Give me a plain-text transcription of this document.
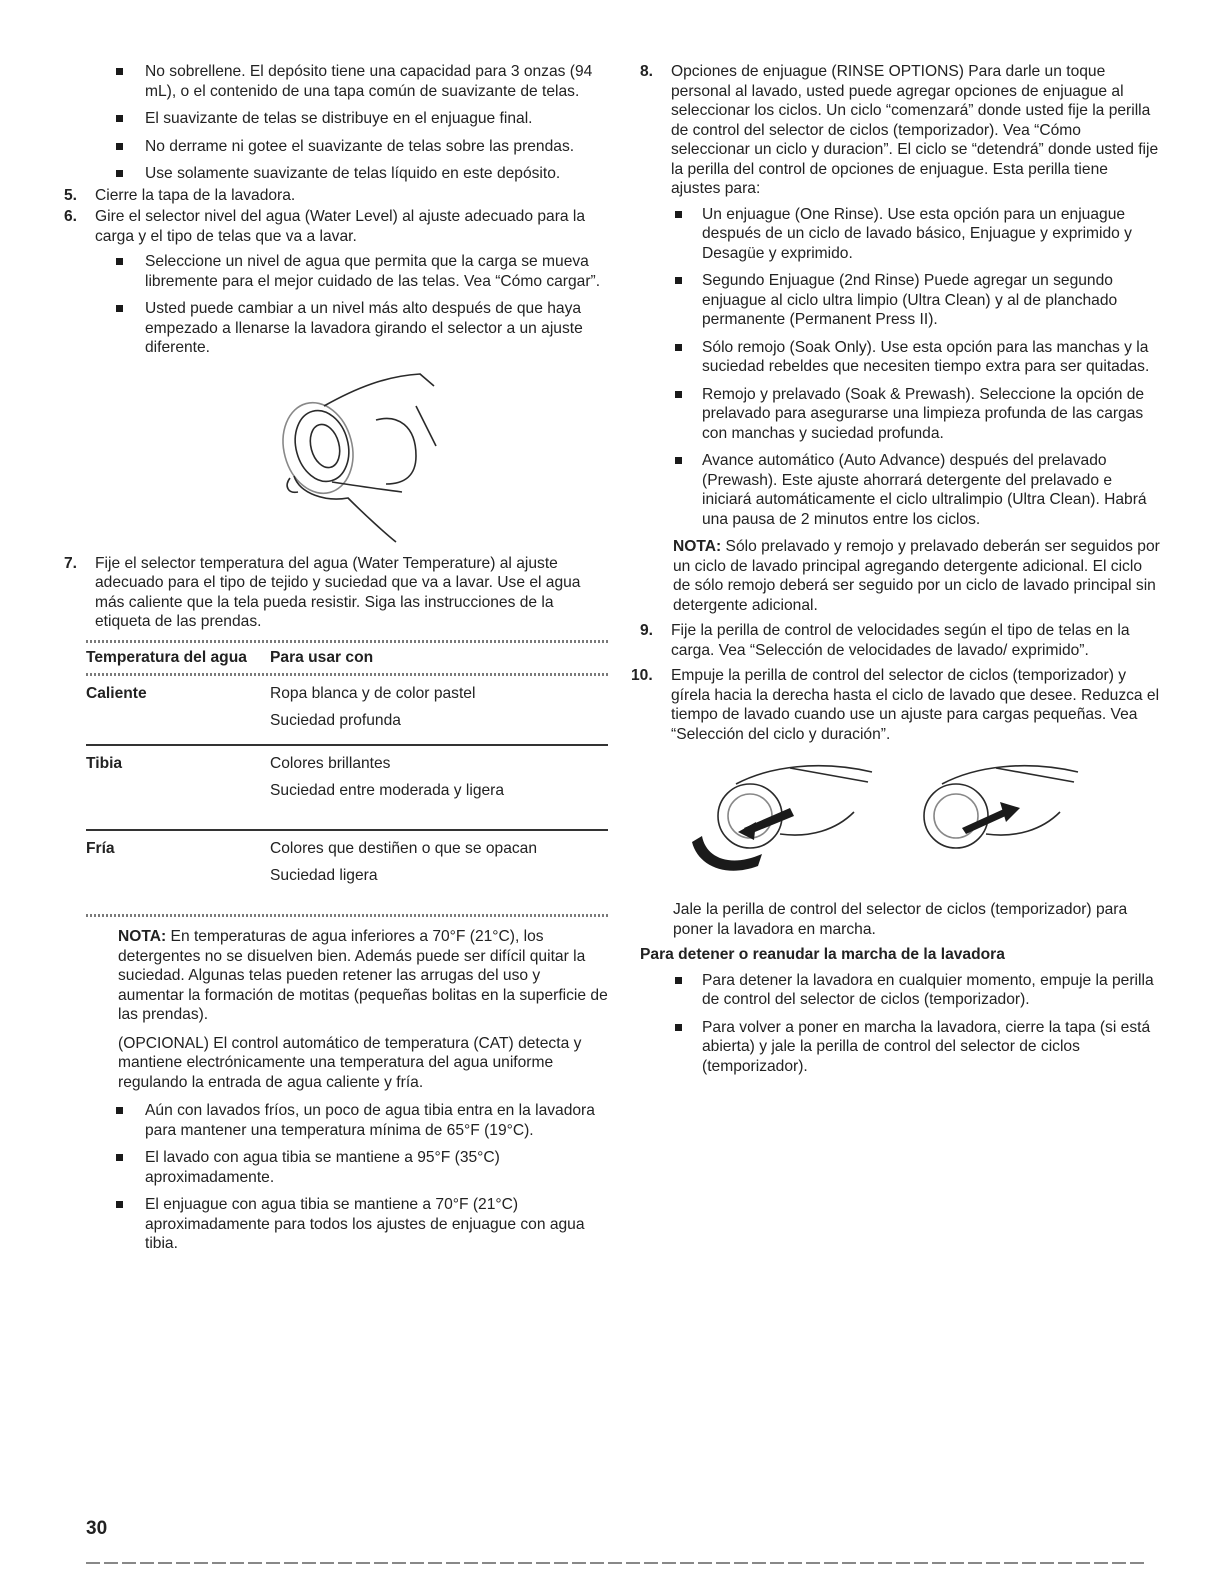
No sobrellene. El depósito tiene una capacidad para 3 onzas (94 mL), o el contenido de una tapa común de suavizante de telas.

El suavizante de telas se distribuye en el enjuague final.

No derrame ni gotee el suavizante de telas sobre las prendas.

Use solamente suavizante de telas líquido en este depósito.

5. Cierre la tapa de la lavadora.

6. Gire el selector nivel del agua (Water Level) al ajuste adecuado para la carga y el tipo de telas que va a lavar.

Seleccione un nivel de agua que permita que la carga se mueva libremente para el mejor cuidado de las telas. Vea “Cómo cargar”.

Usted puede cambiar a un nivel más alto después de que haya empezado a llenarse la lavadora girando el selector a un ajuste diferente.

7. Fije el selector temperatura del agua (Water Temperature) al ajuste adecuado para el tipo de tejido y suciedad que va a lavar. Use el agua más caliente que la tela pueda resistir. Siga las instrucciones de la etiqueta de las prendas.

Temperatura del agua	Para usar con
Caliente	Ropa blanca y de color pastel

Suciedad profunda

Tibia	Colores brillantes

Suciedad entre moderada y ligera

Fría	Colores que destiñen o que se opacan

Suciedad ligera

NOTA: En temperaturas de agua inferiores a 70°F (21°C), los detergentes no se disuelven bien. Además puede ser difícil quitar la suciedad. Algunas telas pueden retener las arrugas del uso y aumentar la formación de motitas (pequeñas bolitas en la superficie de las prendas).

(OPCIONAL) El control automático de temperatura (CAT) detecta y mantiene electrónicamente una temperatura del agua uniforme regulando la entrada de agua caliente y fría.

Aún con lavados fríos, un poco de agua tibia entra en la lavadora para mantener una temperatura mínima de 65°F (19°C).

El lavado con agua tibia se mantiene a 95°F (35°C) aproximadamente.

El enjuague con agua tibia se mantiene a 70°F (21°C) aproximadamente para todos los ajustes de enjuague con agua tibia.

8. Opciones de enjuague (RINSE OPTIONS) Para darle un toque personal al lavado, usted puede agregar opciones de enjuague al seleccionar los ciclos. Un ciclo “comenzará” donde usted fije la perilla de control del selector de ciclos (temporizador). Vea “Cómo seleccionar un ciclo y duracion”. El ciclo se “detendrá” donde usted fije la perilla del control de opciones de enjuague. Esta perilla tiene ajustes para:

Un enjuague (One Rinse). Use esta opción para un enjuague después de un ciclo de lavado básico, Enjuague y exprimido y Desagüe y exprimido.

Segundo Enjuague (2nd Rinse) Puede agregar un segundo enjuague al ciclo ultra limpio (Ultra Clean) y al de planchado permanente (Permanent Press II).

Sólo remojo (Soak Only). Use esta opción para las manchas y la suciedad rebeldes que necesiten tiempo extra para ser quitadas.

Remojo y prelavado (Soak & Prewash). Seleccione la opción de prelavado para asegurarse una limpieza profunda de las cargas con manchas y suciedad profunda.

Avance automático (Auto Advance) después del prelavado (Prewash). Este ajuste ahorrará detergente del prelavado e iniciará automáticamente el ciclo ultralimpio (Ultra Clean). Habrá una pausa de 2 minutos entre los ciclos.

NOTA: Sólo prelavado y remojo y prelavado deberán ser seguidos por un ciclo de lavado principal agregando detergente adicional. El ciclo de sólo remojo deberá ser seguido por un ciclo de lavado principal sin detergente adicional.

9. Fije la perilla de control de velocidades según el tipo de telas en la carga. Vea “Selección de velocidades de lavado/ exprimido”.

10. Empuje la perilla de control del selector de ciclos (temporizador) y gírela hacia la derecha hasta el ciclo de lavado que desee. Reduzca el tiempo de lavado cuando use un ajuste para cargas pequeñas. Vea “Selección del ciclo y duración”.

Jale la perilla de control del selector de ciclos (temporizador) para poner la lavadora en marcha.

Para detener o reanudar la marcha de la lavadora

Para detener la lavadora en cualquier momento, empuje la perilla de control del selector de ciclos (temporizador).

Para volver a poner en marcha la lavadora, cierre la tapa (si está abierta) y jale la perilla de control del selector de ciclos (temporizador).

30
